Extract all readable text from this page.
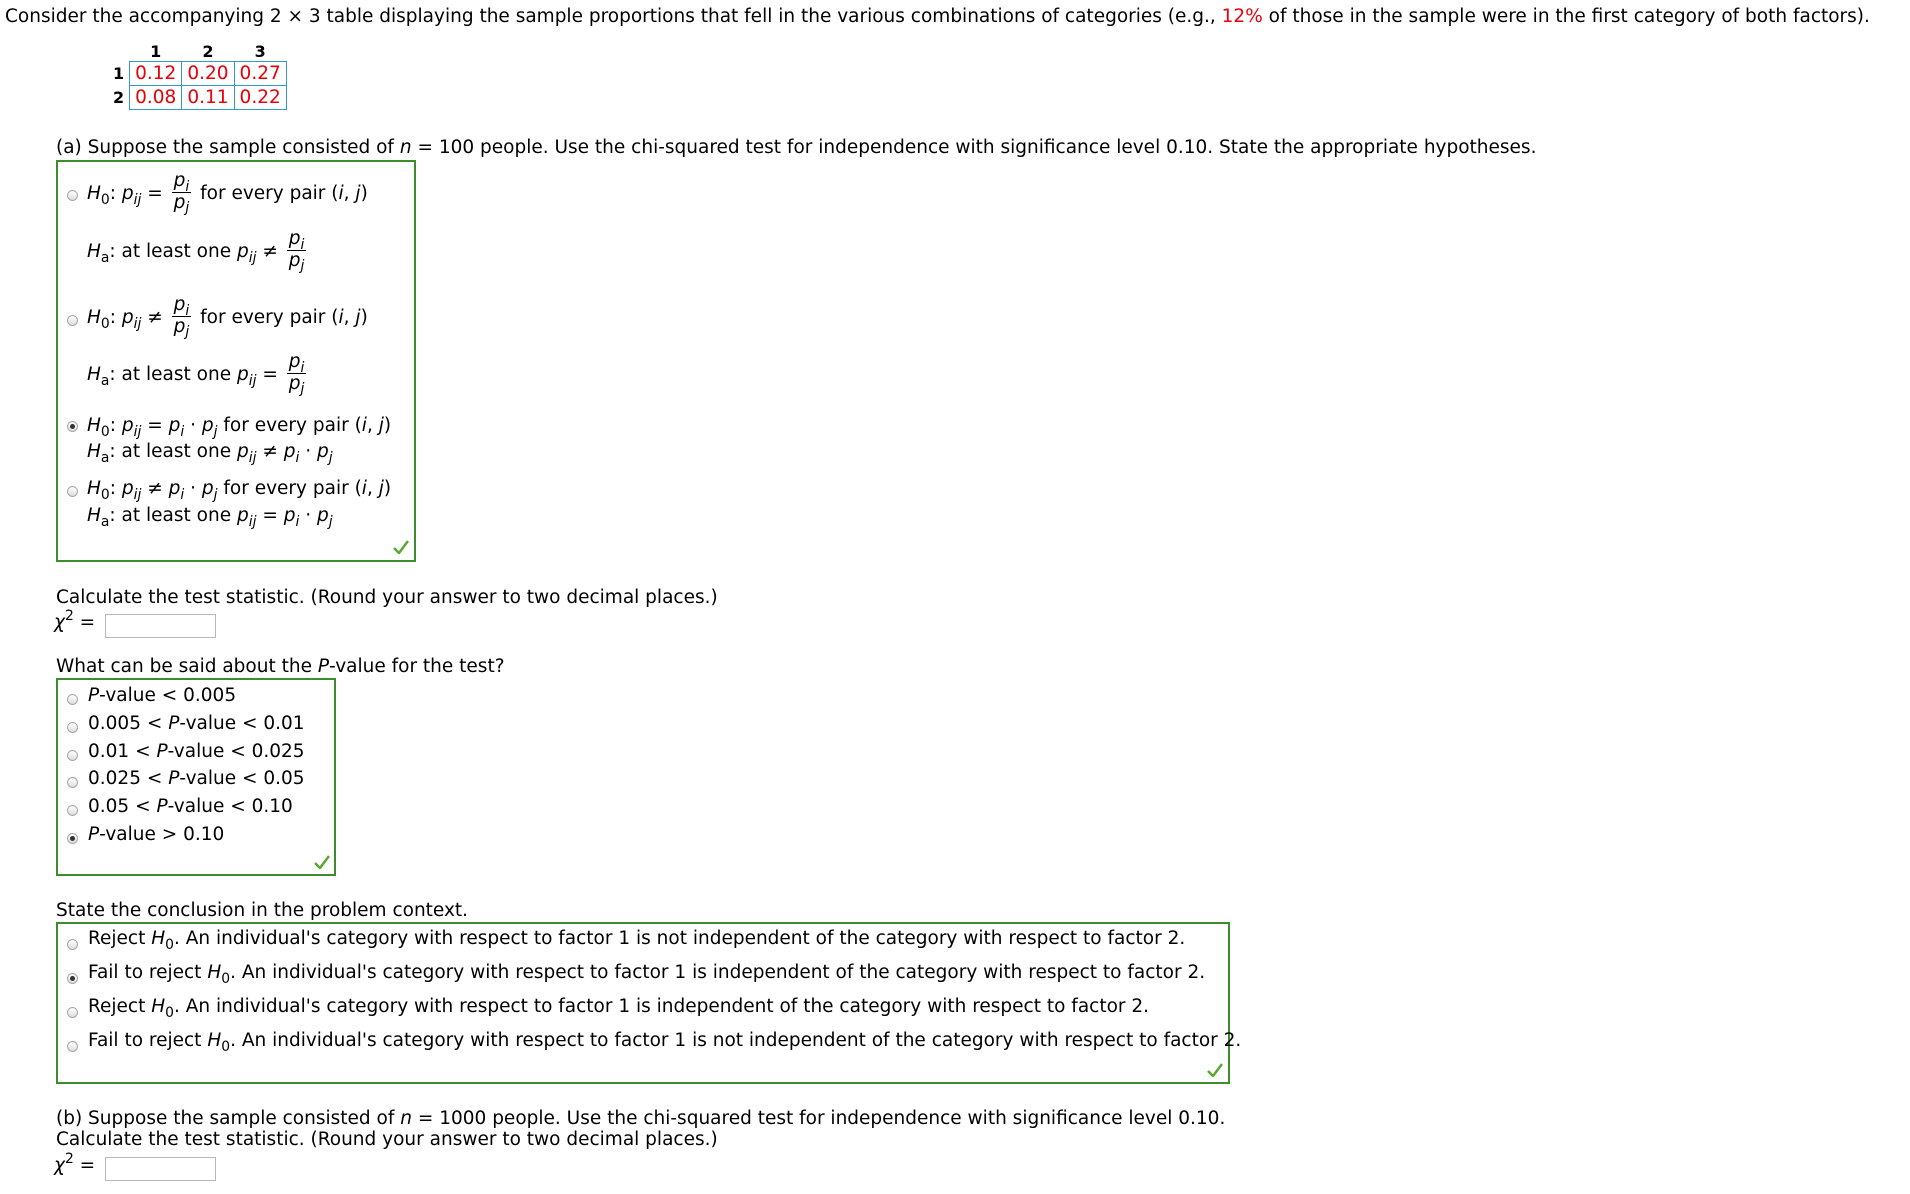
Consider the accompanying 2 × 3 table displaying the sample proportions that fell in the various combinations of categories (e.g., 12% of those in the sample were in the first category of both factors).
	1	2	3
1	0.12	0.20	0.27
2	0.08	0.11	0.22
(a) Suppose the sample consisted of n = 100 people. Use the chi-squared test for independence with significance level 0.10. State the appropriate hypotheses.
$H_0$: $p_{ij} = \frac{p_i}{p_j}$ for every pair (i, j)
$H_a$: at least one $p_{ij} \ne \frac{p_i}{p_j}$
$H_0$: $p_{ij} \ne \frac{p_i}{p_j}$ for every pair (i, j)
$H_a$: at least one $p_{ij} = \frac{p_i}{p_j}$
$H_0$: $p_{ij} = p_i \cdot p_j$ for every pair (i, j)
$H_a$: at least one $p_{ij} \ne p_i \cdot p_j$
$H_0$: $p_{ij} \ne p_i \cdot p_j$ for every pair (i, j)
$H_a$: at least one $p_{ij} = p_i \cdot p_j$
Calculate the test statistic. (Round your answer to two decimal places.)
$\chi^2$ =
What can be said about the P-value for the test?
P-value < 0.005
0.005 < P-value < 0.01
0.01 < P-value < 0.025
0.025 < P-value < 0.05
0.05 < P-value < 0.10
P-value > 0.10
State the conclusion in the problem context.
Reject $H_0$. An individual's category with respect to factor 1 is not independent of the category with respect to factor 2.
Fail to reject $H_0$. An individual's category with respect to factor 1 is independent of the category with respect to factor 2.
Reject $H_0$. An individual's category with respect to factor 1 is independent of the category with respect to factor 2.
Fail to reject $H_0$. An individual's category with respect to factor 1 is not independent of the category with respect to factor 2.
(b) Suppose the sample consisted of n = 1000 people. Use the chi-squared test for independence with significance level 0.10.
Calculate the test statistic. (Round your answer to two decimal places.)
$\chi^2$ =
